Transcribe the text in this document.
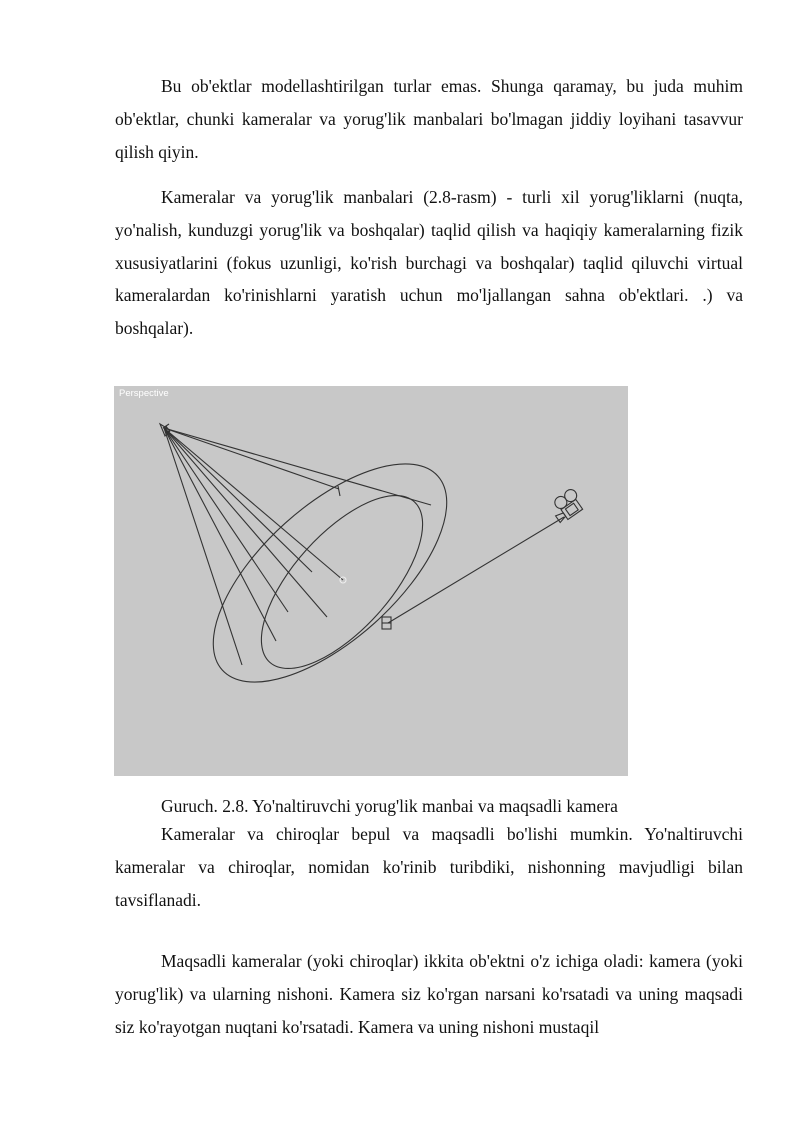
Bu ob'ektlar modellashtirilgan turlar emas. Shunga qaramay, bu juda muhim ob'ektlar, chunki kameralar va yorug'lik manbalari bo'lmagan jiddiy loyihani tasavvur qilish qiyin.

Kameralar va yorug'lik manbalari (2.8-rasm) - turli xil yorug'liklarni (nuqta, yo'nalish, kunduzgi yorug'lik va boshqalar) taqlid qilish va haqiqiy kameralarning fizik xususiyatlarini (fokus uzunligi, ko'rish burchagi va boshqalar) taqlid qiluvchi virtual kameralardan ko'rinishlarni yaratish uchun mo'ljallangan sahna ob'ektlari. .) va boshqalar).

Perspective

Guruch. 2.8. Yo'naltiruvchi yorug'lik manbai va maqsadli kamera

Kameralar va chiroqlar bepul va maqsadli bo'lishi mumkin. Yo'naltiruvchi kameralar va chiroqlar, nomidan ko'rinib turibdiki, nishonning mavjudligi bilan tavsiflanadi.

Maqsadli kameralar (yoki chiroqlar) ikkita ob'ektni o'z ichiga oladi: kamera (yoki yorug'lik) va ularning nishoni. Kamera siz ko'rgan narsani ko'rsatadi va uning maqsadi siz ko'rayotgan nuqtani ko'rsatadi. Kamera va uning nishoni mustaqil
